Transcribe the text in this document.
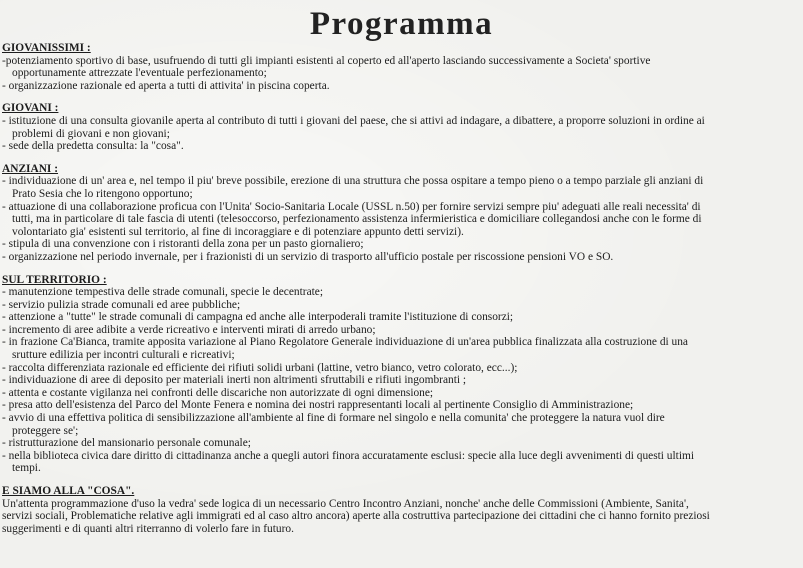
Programma
GIOVANISSIMI :
-potenziamento sportivo di base, usufruendo di tutti gli impianti esistenti al coperto ed all'aperto lasciando successivamente a Societa' sportive
opportunamente attrezzate l'eventuale perfezionamento;
- organizzazione razionale ed aperta a tutti di attivita' in piscina coperta.
GIOVANI :
- istituzione di una consulta giovanile aperta al contributo di tutti i giovani del paese, che si attivi ad indagare, a dibattere, a proporre soluzioni in ordine ai
problemi di giovani e non giovani;
- sede della predetta consulta: la "cosa".
ANZIANI :
- individuazione di un' area e, nel tempo il piu' breve possibile, erezione di una struttura che possa ospitare a tempo pieno o a tempo parziale gli anziani di
Prato Sesia che lo ritengono opportuno;
- attuazione di una collaborazione proficua con l'Unita' Socio-Sanitaria Locale (USSL n.50) per fornire servizi sempre piu' adeguati alle reali necessita' di
tutti, ma in particolare di tale fascia di utenti (telesoccorso, perfezionamento assistenza infermieristica e domiciliare collegandosi anche con le forme di
volontariato gia' esistenti sul territorio, al fine di incoraggiare e di potenziare appunto detti servizi).
- stipula di una convenzione con i ristoranti della zona per un pasto giornaliero;
- organizzazione nel periodo invernale, per i frazionisti di un servizio di trasporto all'ufficio postale per riscossione pensioni VO e SO.
SUL TERRITORIO :
- manutenzione tempestiva delle strade comunali, specie le decentrate;
- servizio pulizia strade comunali ed aree pubbliche;
- attenzione a "tutte" le strade comunali di campagna ed anche alle interpoderali tramite l'istituzione di consorzi;
- incremento di aree adibite a verde ricreativo e interventi mirati di arredo urbano;
- in frazione Ca'Bianca, tramite apposita variazione al Piano Regolatore Generale individuazione di un'area pubblica finalizzata alla costruzione di una
srutture edilizia per incontri culturali e ricreativi;
- raccolta differenziata razionale ed efficiente dei rifiuti solidi urbani (lattine, vetro bianco, vetro colorato, ecc...);
- individuazione di aree di deposito per materiali inerti non altrimenti sfruttabili e rifiuti ingombranti ;
- attenta e costante vigilanza nei confronti delle discariche non autorizzate di ogni dimensione;
- presa atto dell'esistenza del Parco del Monte Fenera e nomina dei nostri rappresentanti locali al pertinente Consiglio di Amministrazione;
- avvio di una effettiva politica di sensibilizzazione all'ambiente al fine di formare nel singolo e nella comunita' che proteggere la natura vuol dire
proteggere se';
- ristrutturazione del mansionario personale comunale;
- nella biblioteca civica dare diritto di cittadinanza anche a quegli autori finora accuratamente esclusi: specie alla luce degli avvenimenti di questi ultimi
tempi.
E SIAMO ALLA "COSA".
Un'attenta programmazione d'uso la vedra' sede logica di un necessario Centro Incontro Anziani, nonche' anche delle Commissioni (Ambiente, Sanita',
servizi sociali, Problematiche relative agli immigrati ed al caso altro ancora) aperte alla costruttiva partecipazione dei cittadini che ci hanno fornito preziosi
suggerimenti e di quanti altri riterranno di volerlo fare in futuro.
